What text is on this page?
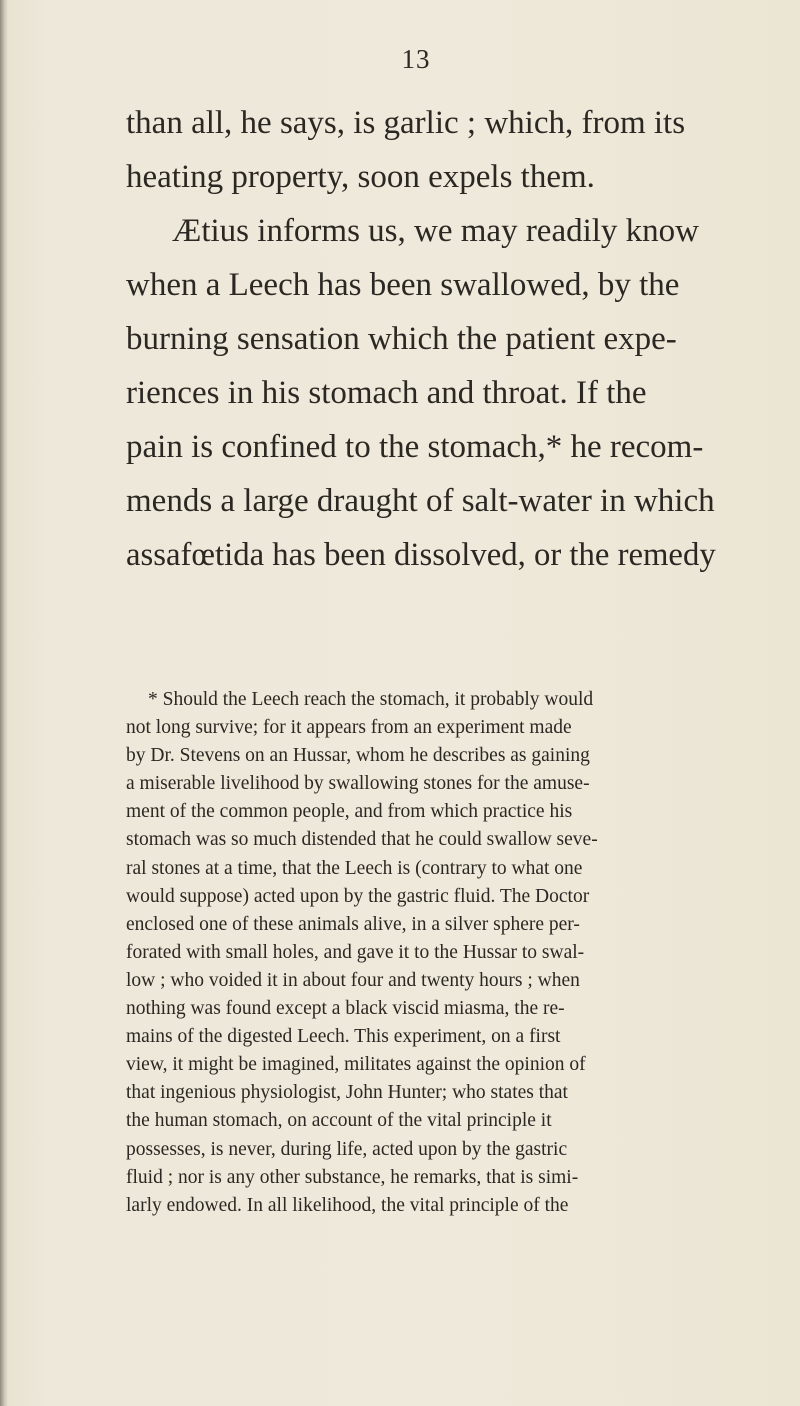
13
than all, he says, is garlic ; which, from its
heating property, soon expels them.
Ætius informs us, we may readily know
when a Leech has been swallowed, by the
burning sensation which the patient expe-
riences in his stomach and throat. If the
pain is confined to the stomach,* he recom-
mends a large draught of salt-water in which
assafœtida has been dissolved, or the remedy
* Should the Leech reach the stomach, it probably would
not long survive; for it appears from an experiment made
by Dr. Stevens on an Hussar, whom he describes as gaining
a miserable livelihood by swallowing stones for the amuse-
ment of the common people, and from which practice his
stomach was so much distended that he could swallow seve-
ral stones at a time, that the Leech is (contrary to what one
would suppose) acted upon by the gastric fluid. The Doctor
enclosed one of these animals alive, in a silver sphere per-
forated with small holes, and gave it to the Hussar to swal-
low ; who voided it in about four and twenty hours ; when
nothing was found except a black viscid miasma, the re-
mains of the digested Leech. This experiment, on a first
view, it might be imagined, militates against the opinion of
that ingenious physiologist, John Hunter; who states that
the human stomach, on account of the vital principle it
possesses, is never, during life, acted upon by the gastric
fluid ; nor is any other substance, he remarks, that is simi-
larly endowed. In all likelihood, the vital principle of the
